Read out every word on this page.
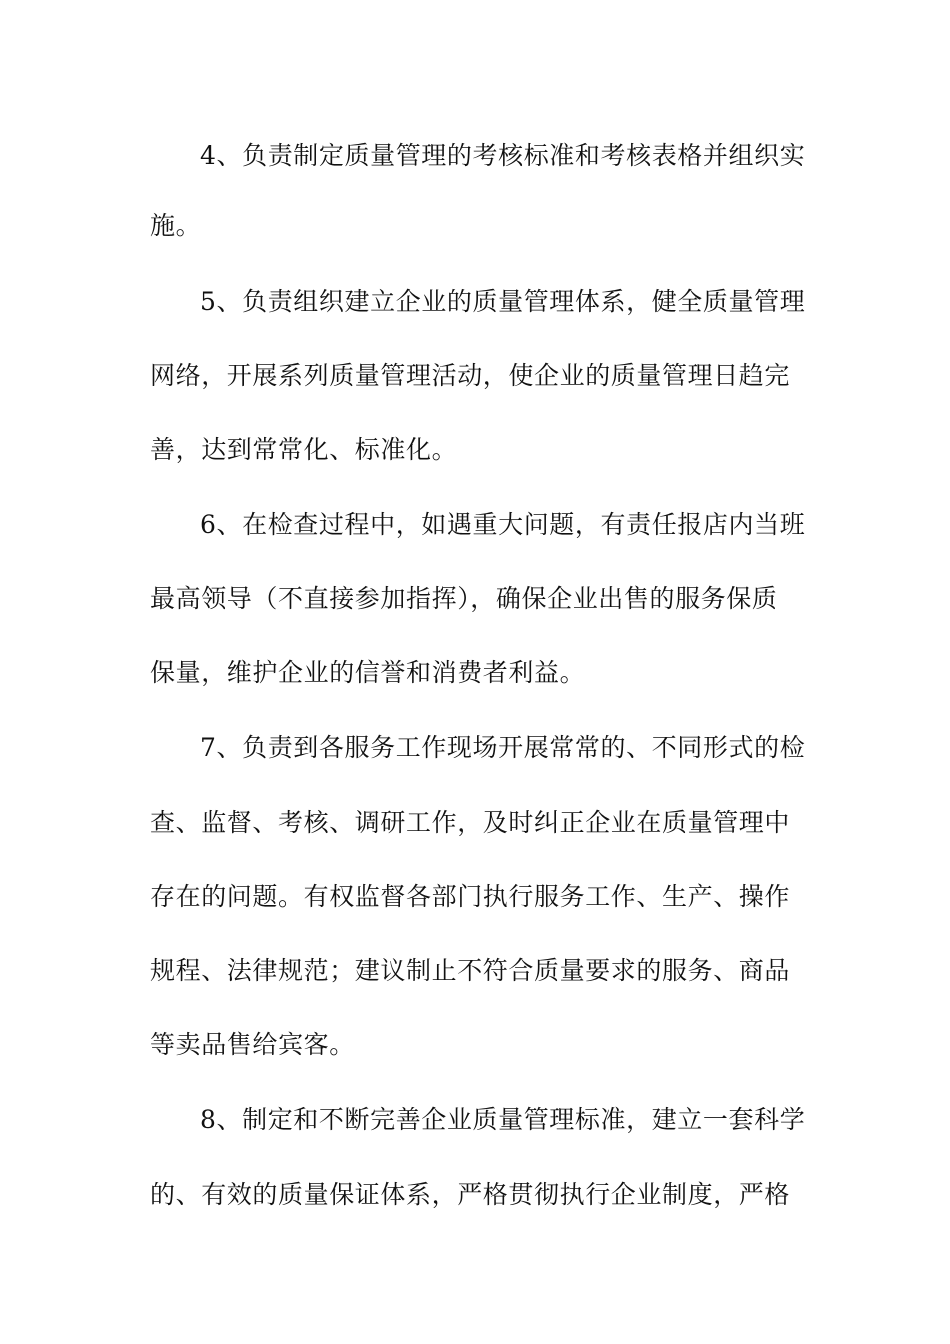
4、负责制定质量管理的考核标准和考核表格并组织实
施。
5、负责组织建立企业的质量管理体系，健全质量管理
网络，开展系列质量管理活动，使企业的质量管理日趋完
善，达到常常化、标准化。
6、在检查过程中，如遇重大问题，有责任报店内当班
最高领导（不直接参加指挥），确保企业出售的服务保质
保量，维护企业的信誉和消费者利益。
7、负责到各服务工作现场开展常常的、不同形式的检
查、监督、考核、调研工作，及时纠正企业在质量管理中
存在的问题。有权监督各部门执行服务工作、生产、操作
规程、法律规范；建议制止不符合质量要求的服务、商品
等卖品售给宾客。
8、制定和不断完善企业质量管理标准，建立一套科学
的、有效的质量保证体系，严格贯彻执行企业制度，严格
